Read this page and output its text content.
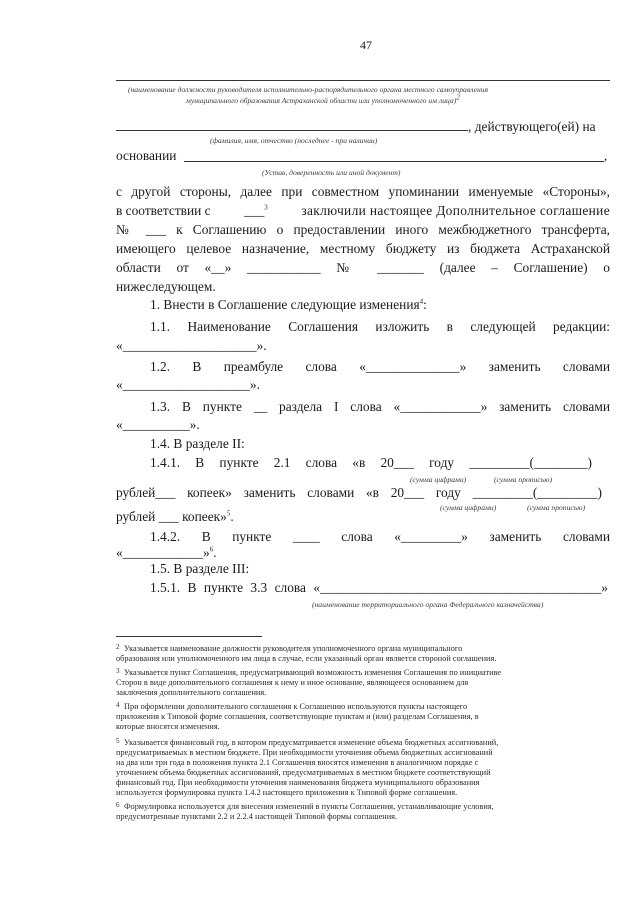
47
(наименование должности руководителя исполнительно-распорядительного органа местного самоуправления
муниципального образования Астраханской области или уполномоченного им лица)$^2$
, действующего(ей) на
(фамилия, имя, отчество (последнее - при наличии)
основании	,
(Устав, доверенность или иной документ)
с другой стороны, далее при совместном упоминании именуемые «Стороны»,
в соответствии с	___$^3$	заключили настоящее Дополнительное соглашение
№ ___ к Соглашению о предоставлении иного межбюджетного трансферта,
имеющего целевое назначение, местному бюджету из бюджета Астраханской
области от «__» ___________ № _______ (далее – Соглашение) о
нижеследующем.
1. Внести в Соглашение следующие изменения$^4$:
1.1. Наименование Соглашения изложить в следующей редакции:
«____________________».
1.2. В преамбуле слова «______________» заменить словами
«___________________».
1.3. В пункте __ раздела I слова «____________» заменить словами
«__________».
1.4. В разделе II:
1.4.1. В пункте 2.1 слова «в 20___ году _________(________)
(сумма цифрами)	(сумма прописью)
рублей___ копеек» заменить словами «в 20___ году _________(_________)
(сумма цифрами)	(сумма прописью)
рублей ___ копеек»$^5$.
1.4.2. В пункте ____ слова «_________» заменить словами
«____________»$^6$.
1.5. В разделе III:
1.5.1. В пункте 3.3 слова «__________________________________________»
(наименование территориального органа Федерального казначейства)
2 Указывается наименование должности руководителя уполномоченного органа муниципального
образования или уполномоченного им лица в случае, если указанный орган является стороной соглашения.
3 Указывается пункт Соглашения, предусматривающий возможность изменения Соглашения по инициативе
Сторон в виде дополнительного соглашения к нему и иное основание, являющееся основанием для
заключения дополнительного соглашения.
4 При оформлении дополнительного соглашения к Соглашению используются пункты настоящего
приложения к Типовой форме соглашения, соответствующие пунктам и (или) разделам Соглашения, в
которые вносятся изменения.
5 Указывается финансовый год, в котором предусматривается изменение объема бюджетных ассигнований,
предусматриваемых в местном бюджете. При необходимости уточнения объема бюджетных ассигнований
на два или три года в положения пункта 2.1 Соглашения вносятся изменения в аналогичном порядке с
уточнением объема бюджетных ассигнований, предусматриваемых в местном бюджете соответствующий
финансовый год. При необходимости уточнения наименования бюджета муниципального образования
используется формулировка пункта 1.4.2 настоящего приложения к Типовой форме соглашения.
6 Формулировка используется для внесения изменений в пункты Соглашения, устанавливающие условия,
предусмотренные пунктами 2.2 и 2.2.4 настоящей Типовой формы соглашения.
